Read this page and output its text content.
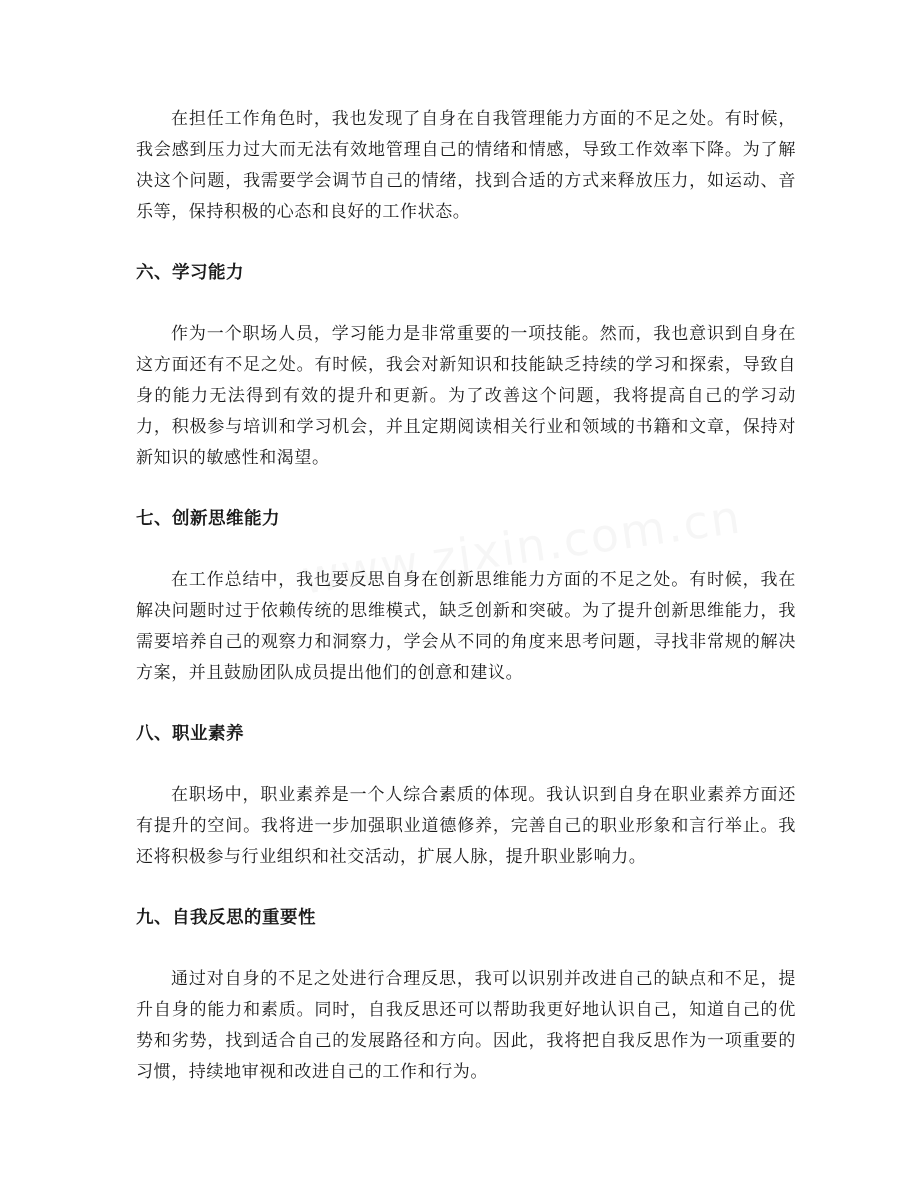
在担任工作角色时，我也发现了自身在自我管理能力方面的不足之处。有时候，我会感到压力过大而无法有效地管理自己的情绪和情感，导致工作效率下降。为了解决这个问题，我需要学会调节自己的情绪，找到合适的方式来释放压力，如运动、音乐等，保持积极的心态和良好的工作状态。

六、学习能力

作为一个职场人员，学习能力是非常重要的一项技能。然而，我也意识到自身在这方面还有不足之处。有时候，我会对新知识和技能缺乏持续的学习和探索，导致自身的能力无法得到有效的提升和更新。为了改善这个问题，我将提高自己的学习动力，积极参与培训和学习机会，并且定期阅读相关行业和领域的书籍和文章，保持对新知识的敏感性和渴望。

七、创新思维能力

在工作总结中，我也要反思自身在创新思维能力方面的不足之处。有时候，我在解决问题时过于依赖传统的思维模式，缺乏创新和突破。为了提升创新思维能力，我需要培养自己的观察力和洞察力，学会从不同的角度来思考问题，寻找非常规的解决方案，并且鼓励团队成员提出他们的创意和建议。

八、职业素养

在职场中，职业素养是一个人综合素质的体现。我认识到自身在职业素养方面还有提升的空间。我将进一步加强职业道德修养，完善自己的职业形象和言行举止。我还将积极参与行业组织和社交活动，扩展人脉，提升职业影响力。

九、自我反思的重要性

通过对自身的不足之处进行合理反思，我可以识别并改进自己的缺点和不足，提升自身的能力和素质。同时，自我反思还可以帮助我更好地认识自己，知道自己的优势和劣势，找到适合自己的发展路径和方向。因此，我将把自我反思作为一项重要的习惯，持续地审视和改进自己的工作和行为。
